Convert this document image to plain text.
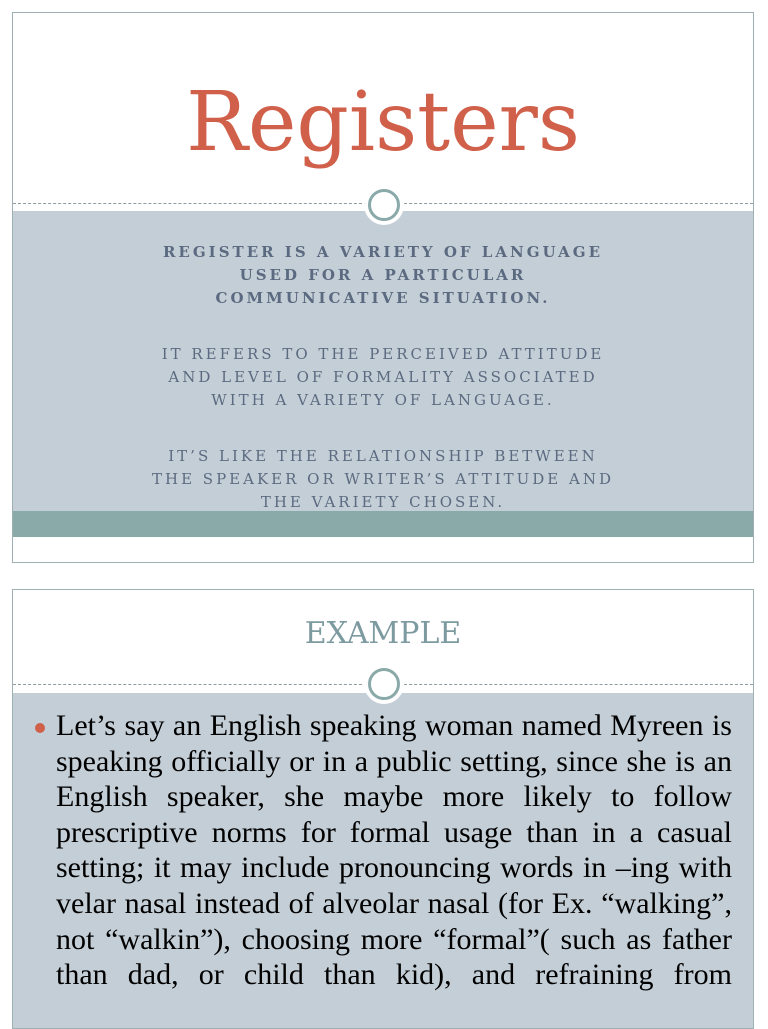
Registers
REGISTER IS A VARIETY OF LANGUAGE
USED FOR A PARTICULAR
COMMUNICATIVE SITUATION.
IT REFERS TO THE PERCEIVED ATTITUDE
AND LEVEL OF FORMALITY ASSOCIATED
WITH A VARIETY OF LANGUAGE.
IT’S LIKE THE RELATIONSHIP BETWEEN
THE SPEAKER OR WRITER’S ATTITUDE AND
THE VARIETY CHOSEN.
EXAMPLE
Let’s say an English speaking woman named Myreen is speaking officially or in a public setting, since she is an English speaker, she maybe more likely to follow prescriptive norms for formal usage than in a casual setting; it may include pronouncing words in –ing with velar nasal instead of alveolar nasal (for Ex. “walking”, not “walkin”), choosing more “formal”( such as father than dad, or child than kid), and refraining from
